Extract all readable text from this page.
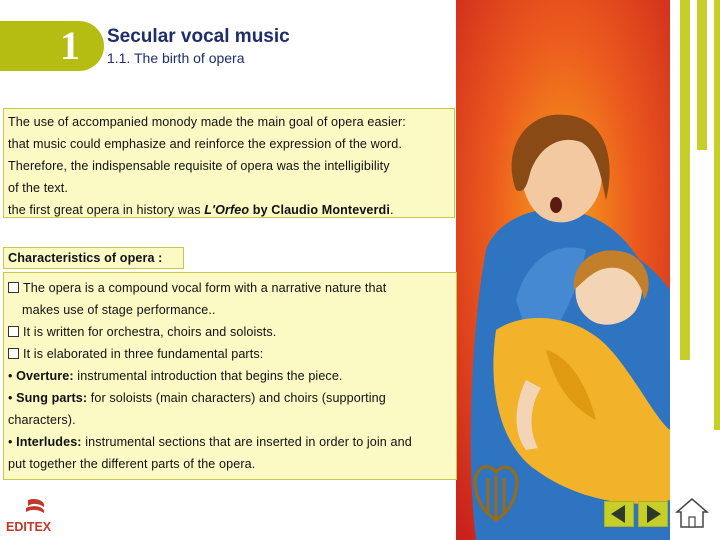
1	Secular vocal music
1.1. The birth of opera
The use of accompanied monody made the main goal of opera easier:
that music could emphasize and reinforce the expression of the word.
Therefore, the indispensable requisite of opera was the intelligibility
of the text.
the first great opera in history was L'Orfeo by Claudio Monteverdi.
Characteristics of opera :
The opera is a compound vocal form with a narrative nature that
makes use of stage performance..
It is written for orchestra, choirs and soloists.
It is elaborated in three fundamental parts:
• Overture: instrumental introduction that begins the piece.
• Sung parts: for soloists (main characters) and choirs (supporting
characters).
• Interludes: instrumental sections that are inserted in order to join and
put together the different parts of the opera.
EDITEX
